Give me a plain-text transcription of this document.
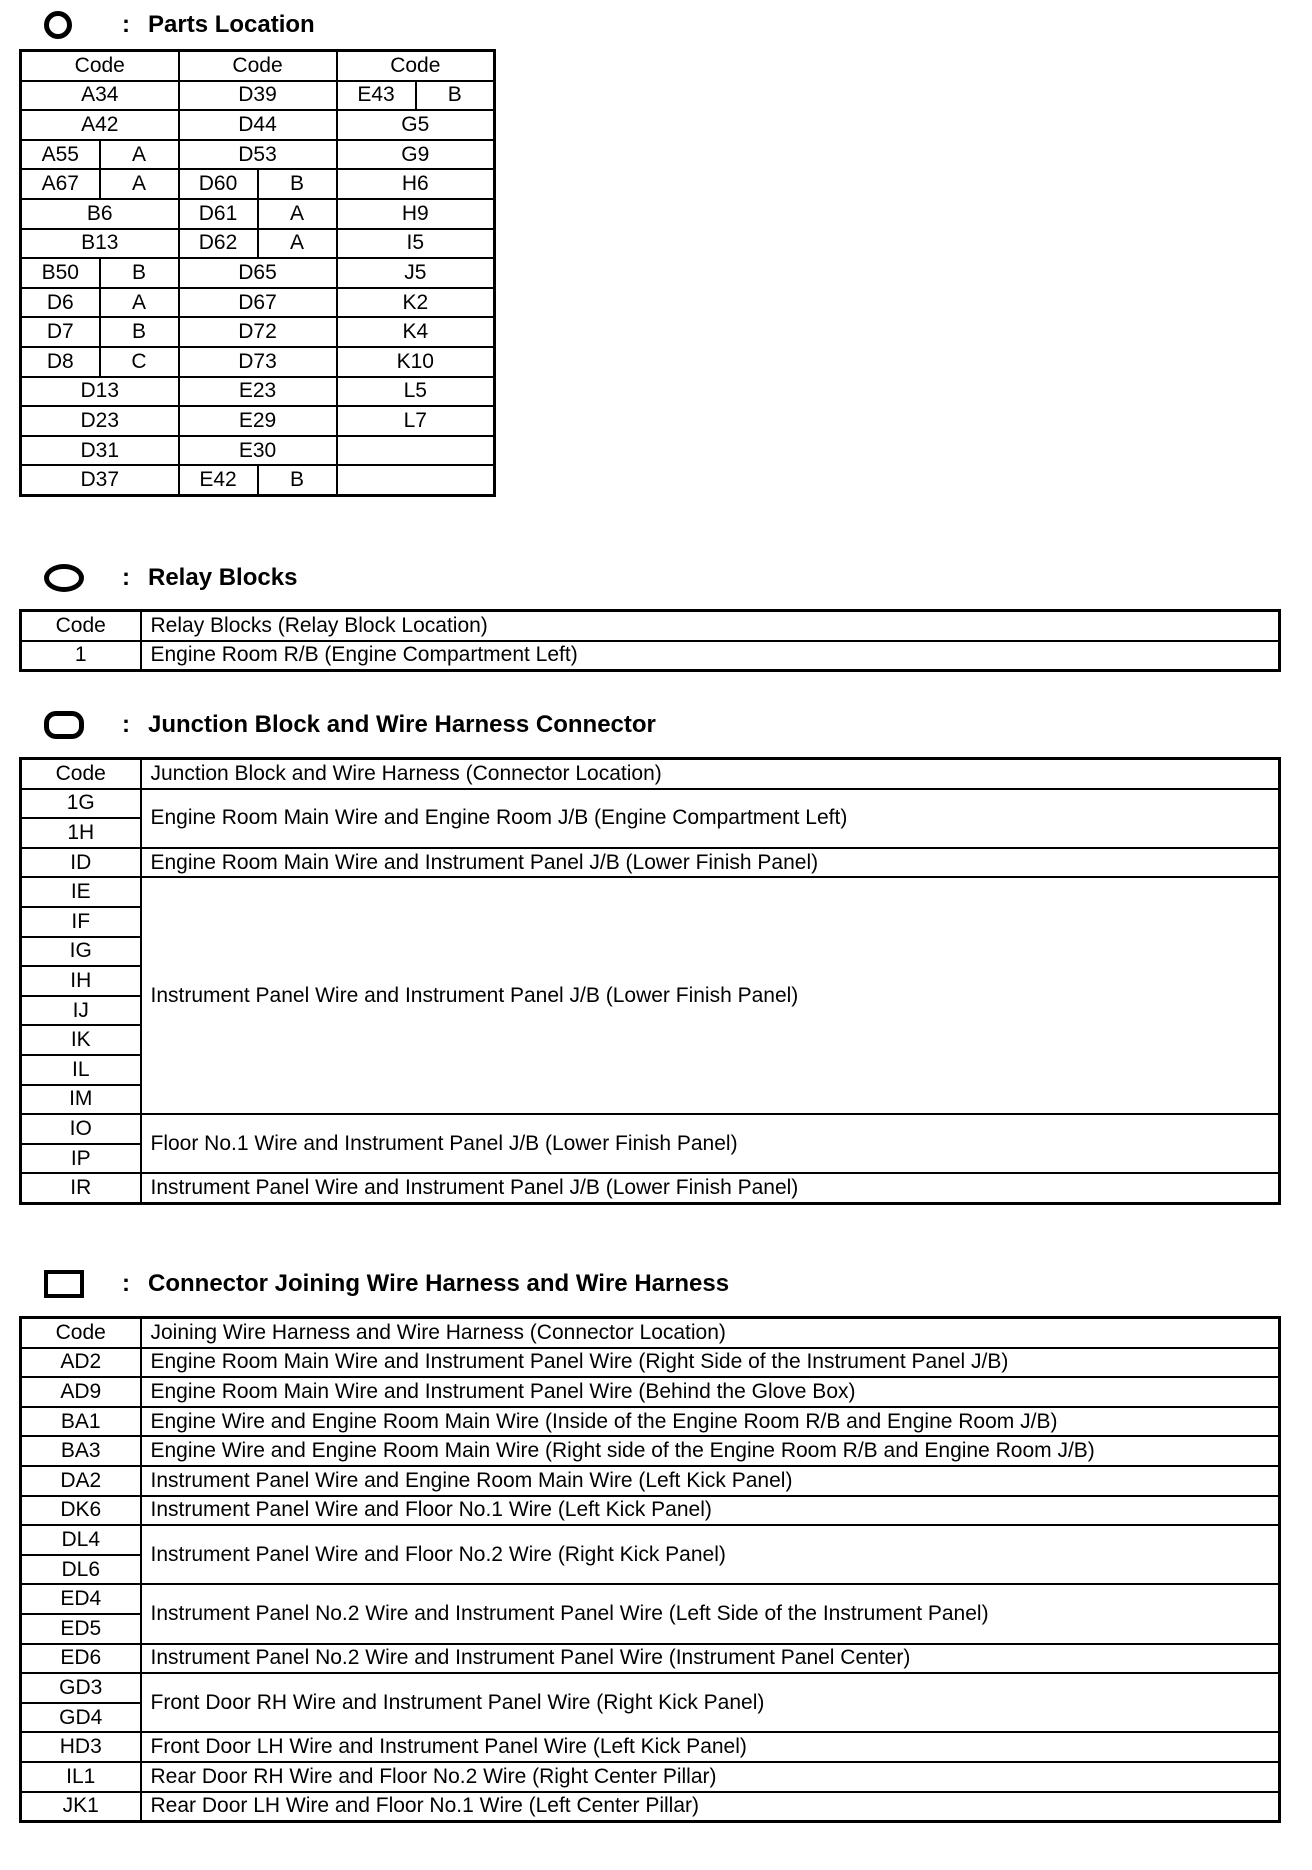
: Parts Location
Code		Code		Code	
A34		D39		E43	B
A42		D44		G5	
A55	A	D53		G9	
A67	A	D60	B	H6	
B6		D61	A	H9	
B13		D62	A	I5	
B50	B	D65		J5	
D6	A	D67		K2	
D7	B	D72		K4	
D8	C	D73		K10	
D13		E23		L5	
D23		E29		L7	
D31		E30			
D37		E42	B		
: Relay Blocks
Code	Relay Blocks (Relay Block Location)
1	Engine Room R/B (Engine Compartment Left)
: Junction Block and Wire Harness Connector
Code	Junction Block and Wire Harness (Connector Location)
1G	Engine Room Main Wire and Engine Room J/B (Engine Compartment Left)
1H	
ID	Engine Room Main Wire and Instrument Panel J/B (Lower Finish Panel)
IE	Instrument Panel Wire and Instrument Panel J/B (Lower Finish Panel)
IF	
IG	
IH	
IJ	
IK	
IL	
IM	
IO	Floor No.1 Wire and Instrument Panel J/B (Lower Finish Panel)
IP	
IR	Instrument Panel Wire and Instrument Panel J/B (Lower Finish Panel)
: Connector Joining Wire Harness and Wire Harness
Code	Joining Wire Harness and Wire Harness (Connector Location)
AD2	Engine Room Main Wire and Instrument Panel Wire (Right Side of the Instrument Panel J/B)
AD9	Engine Room Main Wire and Instrument Panel Wire (Behind the Glove Box)
BA1	Engine Wire and Engine Room Main Wire (Inside of the Engine Room R/B and Engine Room J/B)
BA3	Engine Wire and Engine Room Main Wire (Right side of the Engine Room R/B and Engine Room J/B)
DA2	Instrument Panel Wire and Engine Room Main Wire (Left Kick Panel)
DK6	Instrument Panel Wire and Floor No.1 Wire (Left Kick Panel)
DL4	Instrument Panel Wire and Floor No.2 Wire (Right Kick Panel)
DL6	
ED4	Instrument Panel No.2 Wire and Instrument Panel Wire (Left Side of the Instrument Panel)
ED5	
ED6	Instrument Panel No.2 Wire and Instrument Panel Wire (Instrument Panel Center)
GD3	Front Door RH Wire and Instrument Panel Wire (Right Kick Panel)
GD4	
HD3	Front Door LH Wire and Instrument Panel Wire (Left Kick Panel)
IL1	Rear Door RH Wire and Floor No.2 Wire (Right Center Pillar)
JK1	Rear Door LH Wire and Floor No.1 Wire (Left Center Pillar)
